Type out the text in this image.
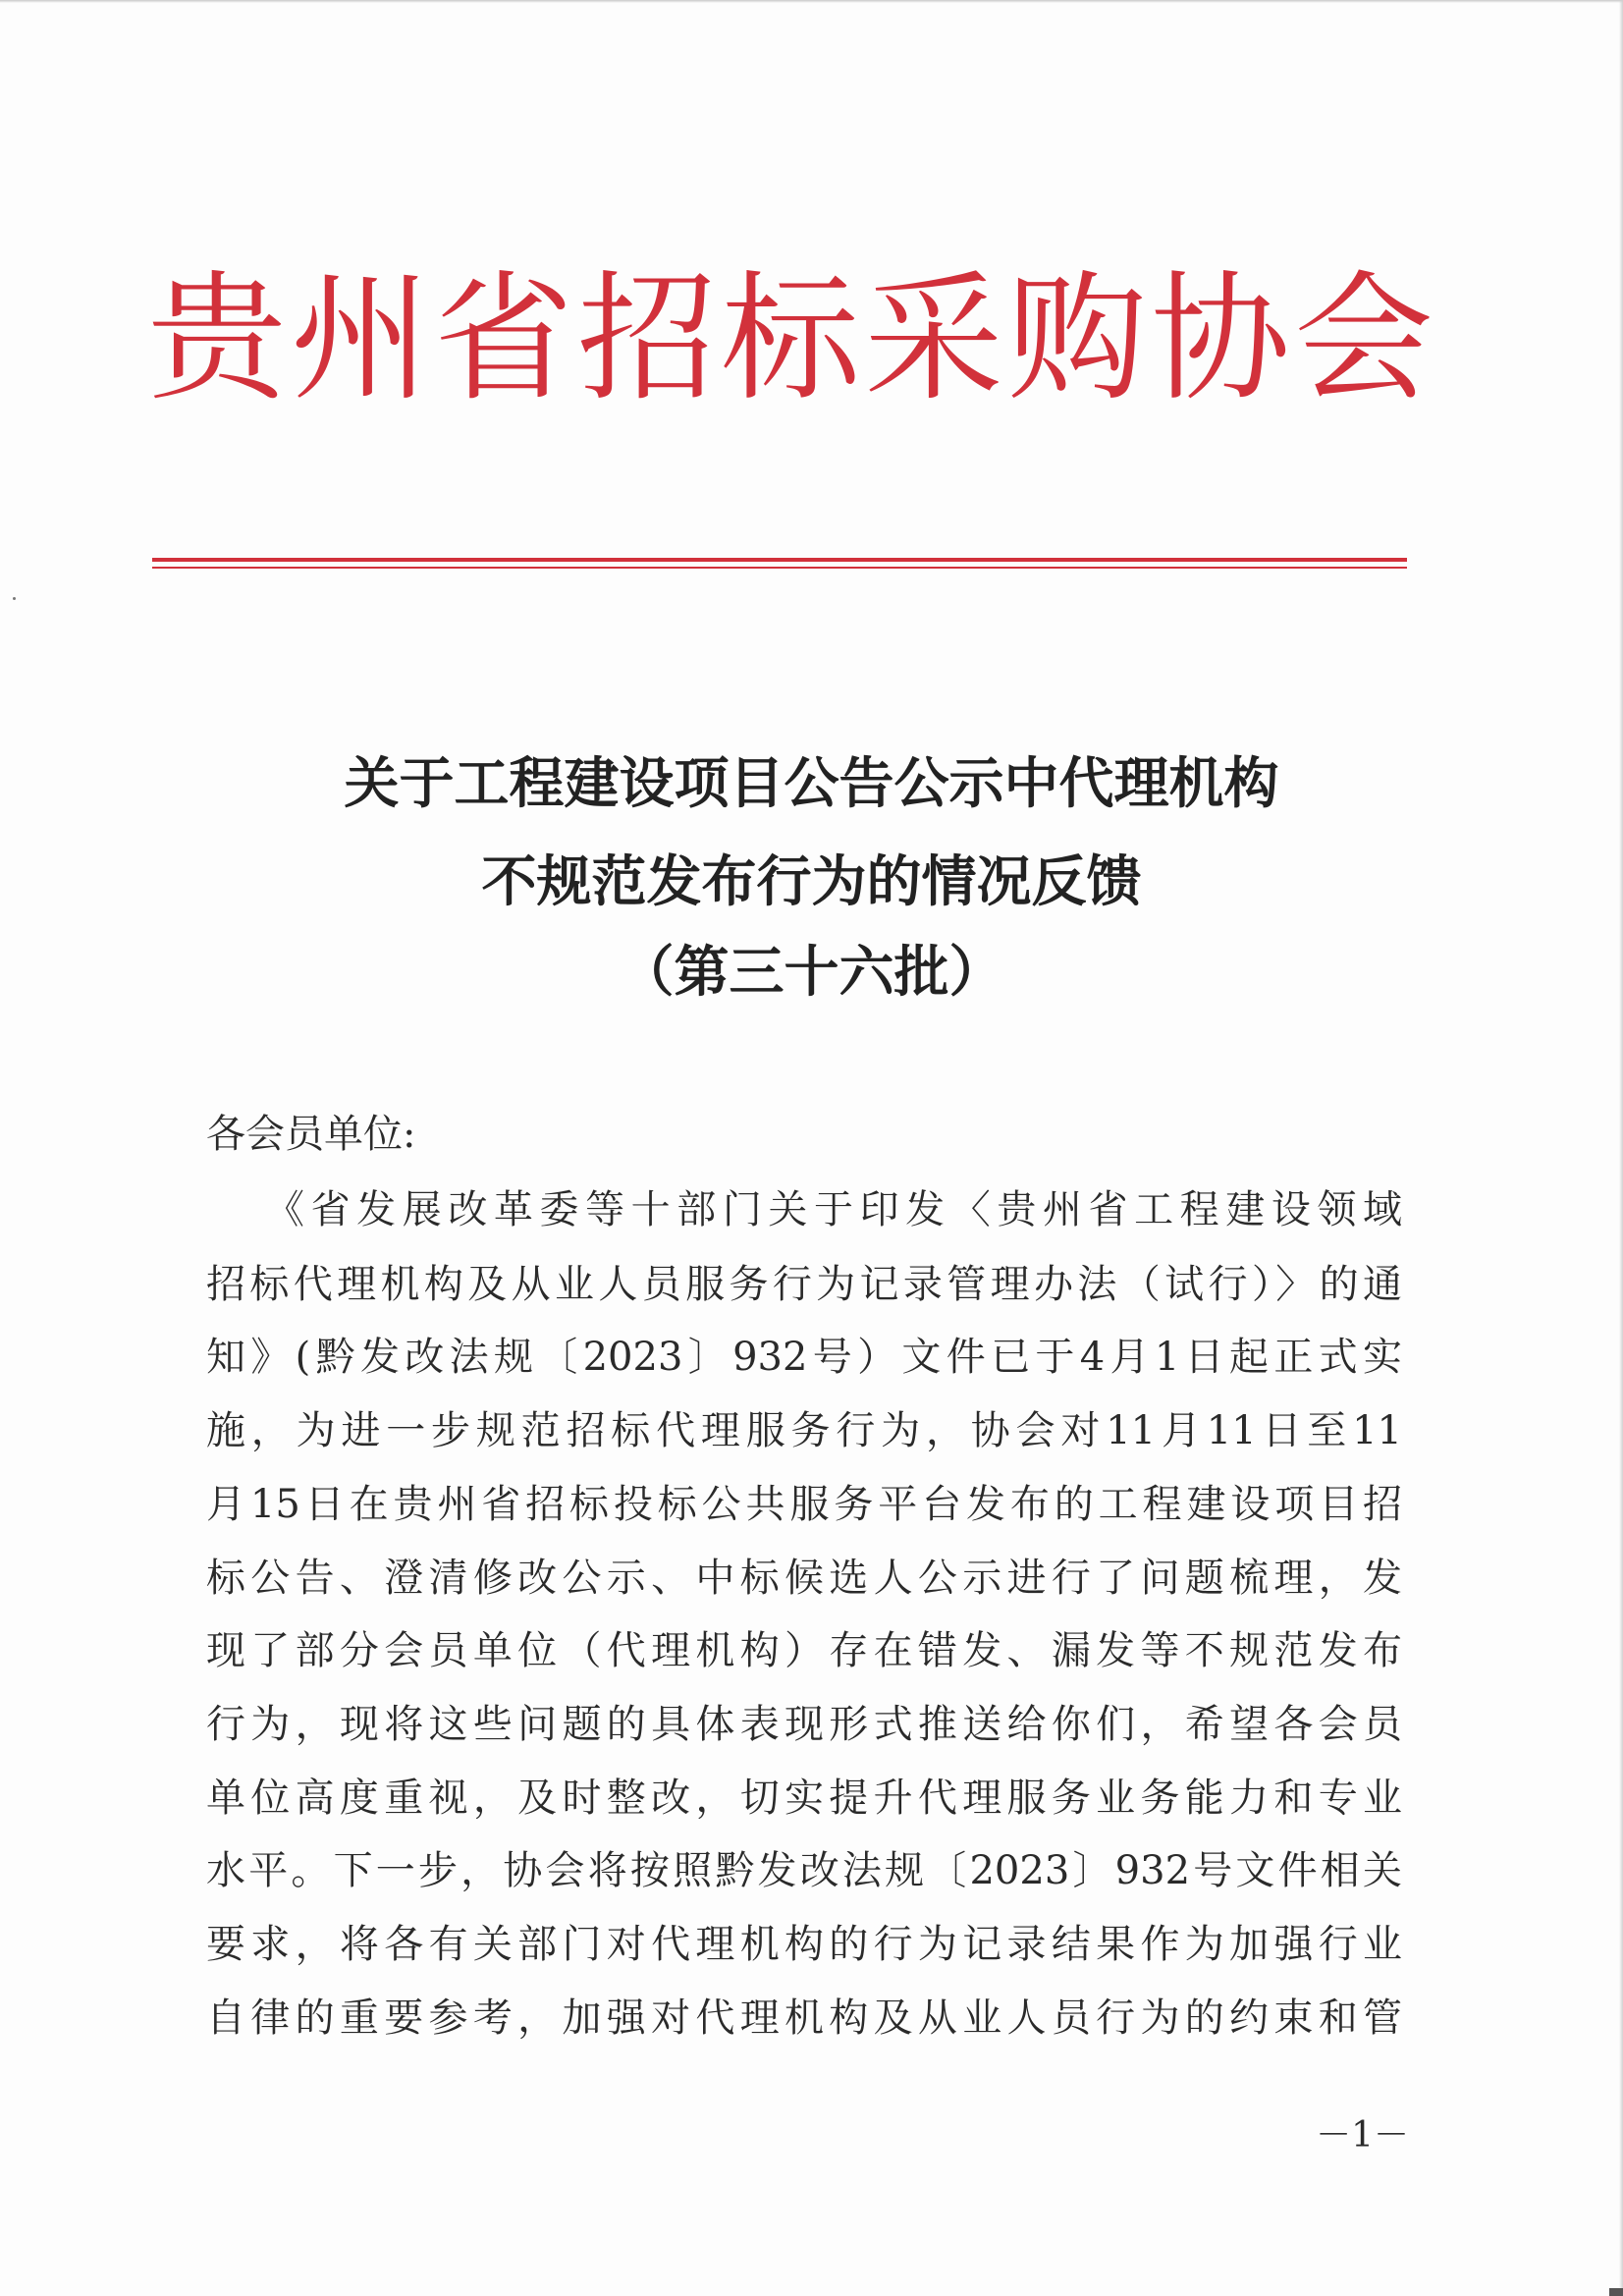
贵州省招标采购协会
关于工程建设项目公告公示中代理机构
不规范发布行为的情况反馈
（第三十六批）
各会员单位:
《省发展改革委等十部门关于印发〈贵州省工程建设领域
招标代理机构及从业人员服务行为记录管理办法（试行）〉的通
知》(黔发改法规〔2023〕932号）文件已于4月1日起正式实
施，为进一步规范招标代理服务行为，协会对11月11日至11
月15日在贵州省招标投标公共服务平台发布的工程建设项目招
标公告、澄清修改公示、中标候选人公示进行了问题梳理，发
现了部分会员单位（代理机构）存在错发、漏发等不规范发布
行为，现将这些问题的具体表现形式推送给你们，希望各会员
单位高度重视，及时整改，切实提升代理服务业务能力和专业
水平。下一步，协会将按照黔发改法规〔2023〕932号文件相关
要求，将各有关部门对代理机构的行为记录结果作为加强行业
自律的重要参考，加强对代理机构及从业人员行为的约束和管
－1－
